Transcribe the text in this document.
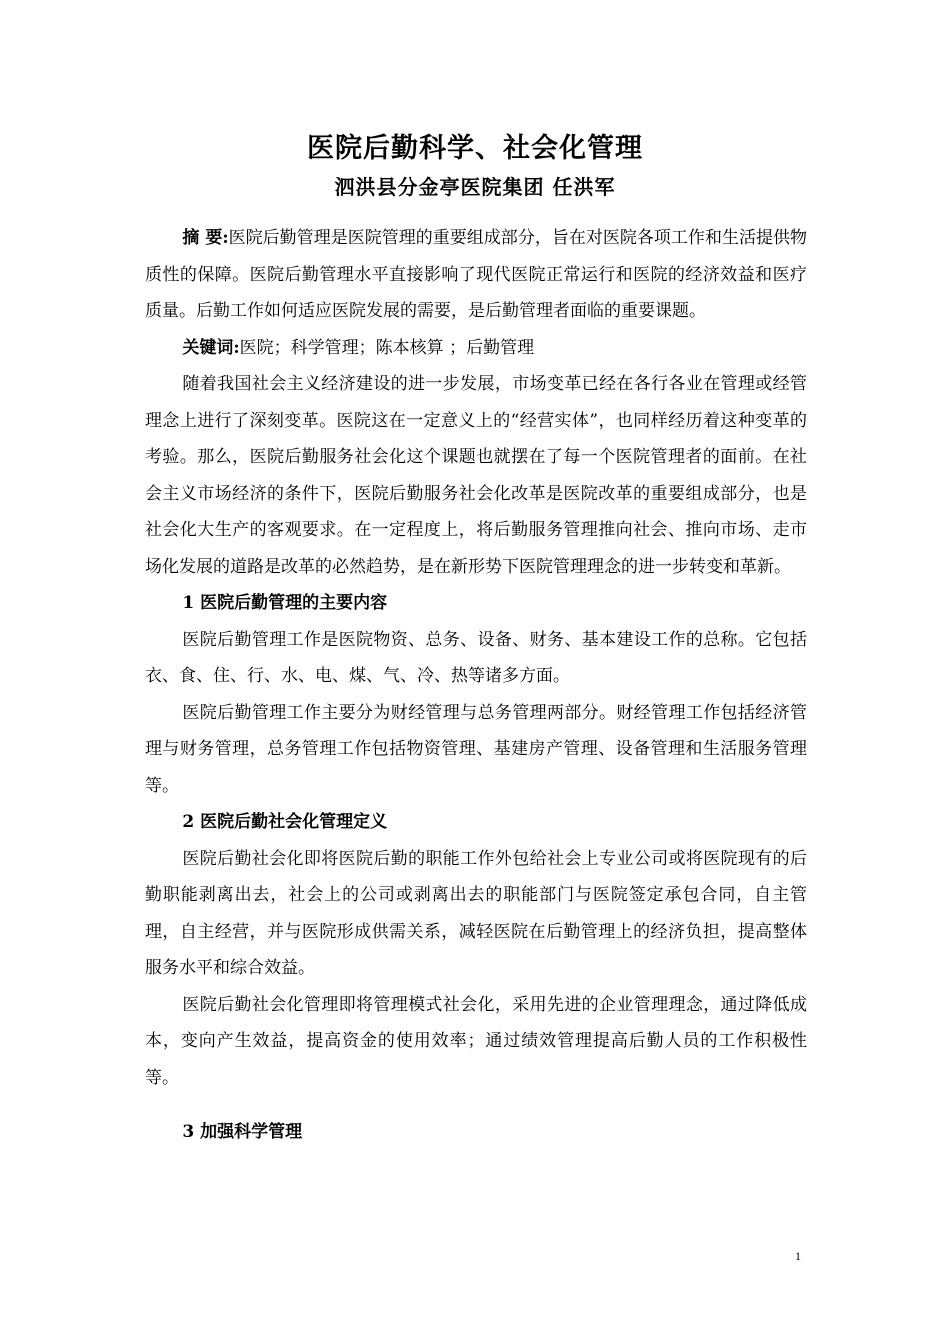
医院后勤科学、社会化管理
泗洪县分金亭医院集团 任洪军

摘 要:医院后勤管理是医院管理的重要组成部分，旨在对医院各项工作和生活提供物质性的保障。医院后勤管理水平直接影响了现代医院正常运行和医院的经济效益和医疗质量。后勤工作如何适应医院发展的需要，是后勤管理者面临的重要课题。

关键词:医院；科学管理；陈本核算 ；后勤管理

随着我国社会主义经济建设的进一步发展，市场变革已经在各行各业在管理或经管理念上进行了深刻变革。医院这在一定意义上的“经营实体”，也同样经历着这种变革的考验。那么，医院后勤服务社会化这个课题也就摆在了每一个医院管理者的面前。在社会主义市场经济的条件下，医院后勤服务社会化改革是医院改革的重要组成部分，也是社会化大生产的客观要求。在一定程度上，将后勤服务管理推向社会、推向市场、走市场化发展的道路是改革的必然趋势，是在新形势下医院管理理念的进一步转变和革新。

1 医院后勤管理的主要内容

医院后勤管理工作是医院物资、总务、设备、财务、基本建设工作的总称。它包括衣、食、住、行、水、电、煤、气、冷、热等诸多方面。

医院后勤管理工作主要分为财经管理与总务管理两部分。财经管理工作包括经济管理与财务管理，总务管理工作包括物资管理、基建房产管理、设备管理和生活服务管理等。

2 医院后勤社会化管理定义

医院后勤社会化即将医院后勤的职能工作外包给社会上专业公司或将医院现有的后勤职能剥离出去，社会上的公司或剥离出去的职能部门与医院签定承包合同，自主管理，自主经营，并与医院形成供需关系，减轻医院在后勤管理上的经济负担，提高整体服务水平和综合效益。

医院后勤社会化管理即将管理模式社会化，采用先进的企业管理理念，通过降低成本，变向产生效益，提高资金的使用效率；通过绩效管理提高后勤人员的工作积极性等。

3 加强科学管理

1
